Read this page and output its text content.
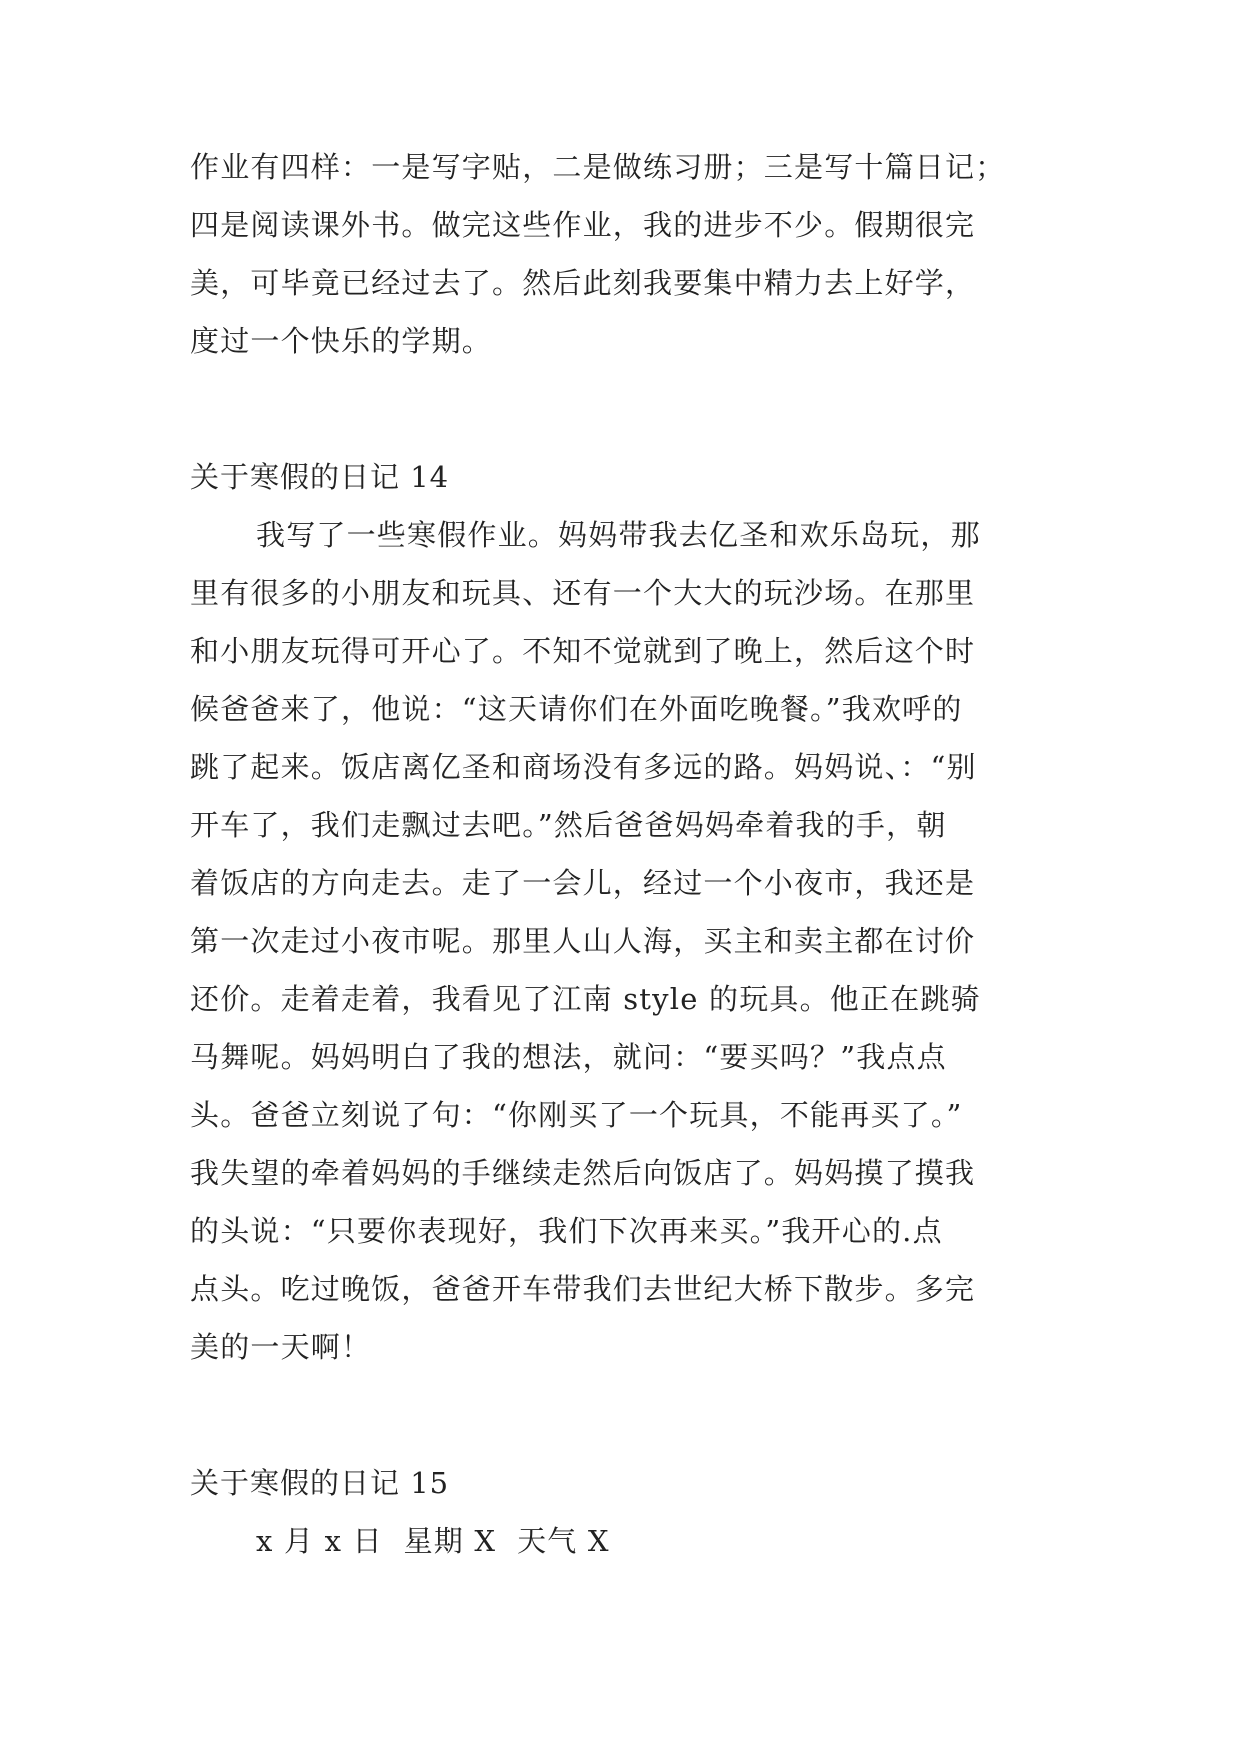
作业有四样：一是写字贴，二是做练习册；三是写十篇日记；
四是阅读课外书。做完这些作业，我的进步不少。假期很完
美，可毕竟已经过去了。然后此刻我要集中精力去上好学，
度过一个快乐的学期。
关于寒假的日记 14
我写了一些寒假作业。妈妈带我去亿圣和欢乐岛玩，那
里有很多的小朋友和玩具、还有一个大大的玩沙场。在那里
和小朋友玩得可开心了。不知不觉就到了晚上，然后这个时
候爸爸来了，他说：“这天请你们在外面吃晚餐。”我欢呼的
跳了起来。饭店离亿圣和商场没有多远的路。妈妈说、：“别
开车了，我们走飘过去吧。”然后爸爸妈妈牵着我的手，朝
着饭店的方向走去。走了一会儿，经过一个小夜市，我还是
第一次走过小夜市呢。那里人山人海，买主和卖主都在讨价
还价。走着走着，我看见了江南 style 的玩具。他正在跳骑
马舞呢。妈妈明白了我的想法，就问：“要买吗？”我点点
头。爸爸立刻说了句：“你刚买了一个玩具，不能再买了。”
我失望的牵着妈妈的手继续走然后向饭店了。妈妈摸了摸我
的头说：“只要你表现好，我们下次再来买。”我开心的.点
点头。吃过晚饭，爸爸开车带我们去世纪大桥下散步。多完
美的一天啊！
关于寒假的日记 15
x 月 x 日  星期 X  天气 X
